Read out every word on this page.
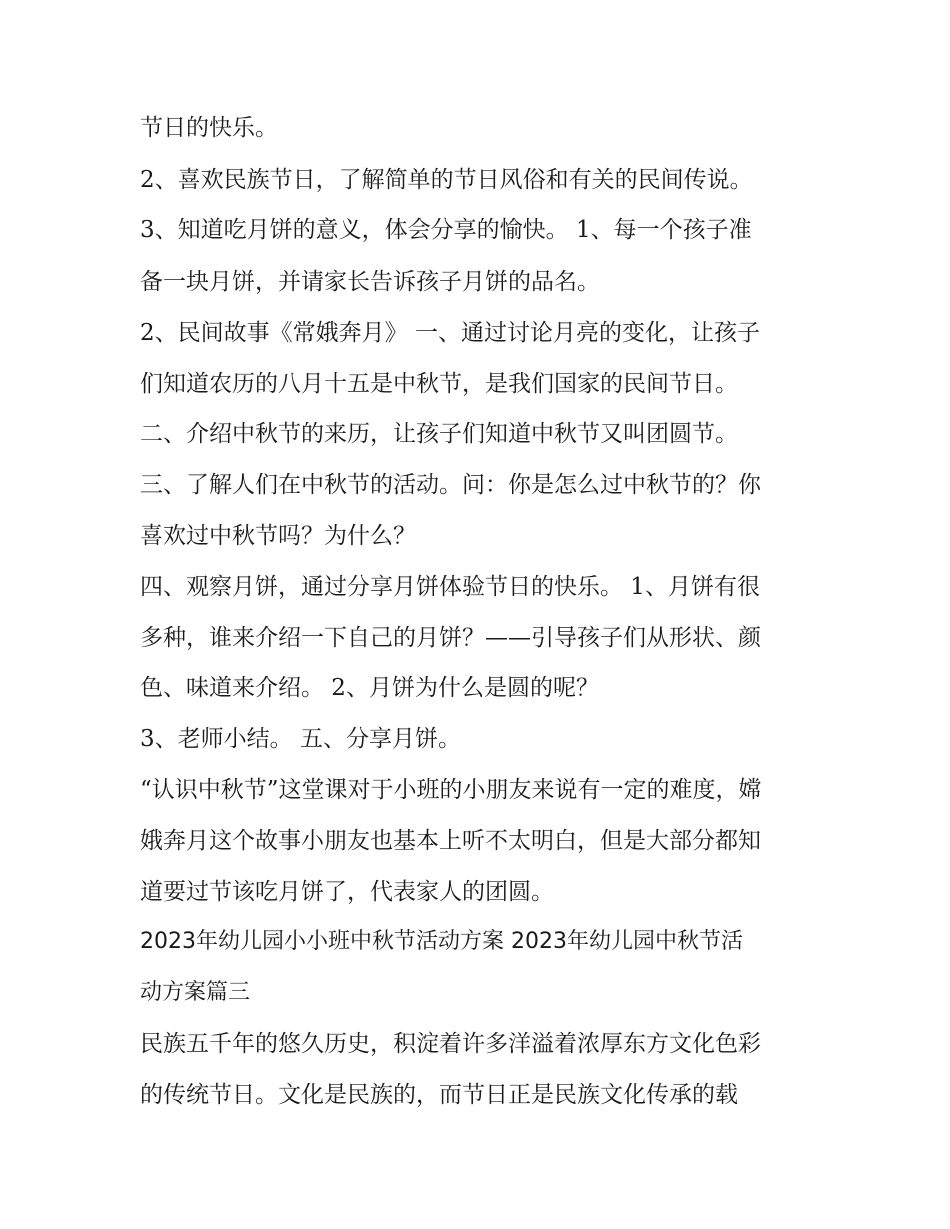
节日的快乐。
2、喜欢民族节日，了解简单的节日风俗和有关的民间传说。
3、知道吃月饼的意义，体会分享的愉快。 1、每一个孩子准
备一块月饼，并请家长告诉孩子月饼的品名。
2、民间故事《常娥奔月》 一、通过讨论月亮的变化，让孩子
们知道农历的八月十五是中秋节，是我们国家的民间节日。
二、介绍中秋节的来历，让孩子们知道中秋节又叫团圆节。
三、了解人们在中秋节的活动。问：你是怎么过中秋节的？你
喜欢过中秋节吗？为什么？
四、观察月饼，通过分享月饼体验节日的快乐。 1、月饼有很
多种，谁来介绍一下自己的月饼？——引导孩子们从形状、颜
色、味道来介绍。 2、月饼为什么是圆的呢？
3、老师小结。 五、分享月饼。
“认识中秋节”这堂课对于小班的小朋友来说有一定的难度，嫦
娥奔月这个故事小朋友也基本上听不太明白，但是大部分都知
道要过节该吃月饼了，代表家人的团圆。
2023年幼儿园小小班中秋节活动方案 2023年幼儿园中秋节活
动方案篇三
民族五千年的悠久历史，积淀着许多洋溢着浓厚东方文化色彩
的传统节日。文化是民族的，而节日正是民族文化传承的载
